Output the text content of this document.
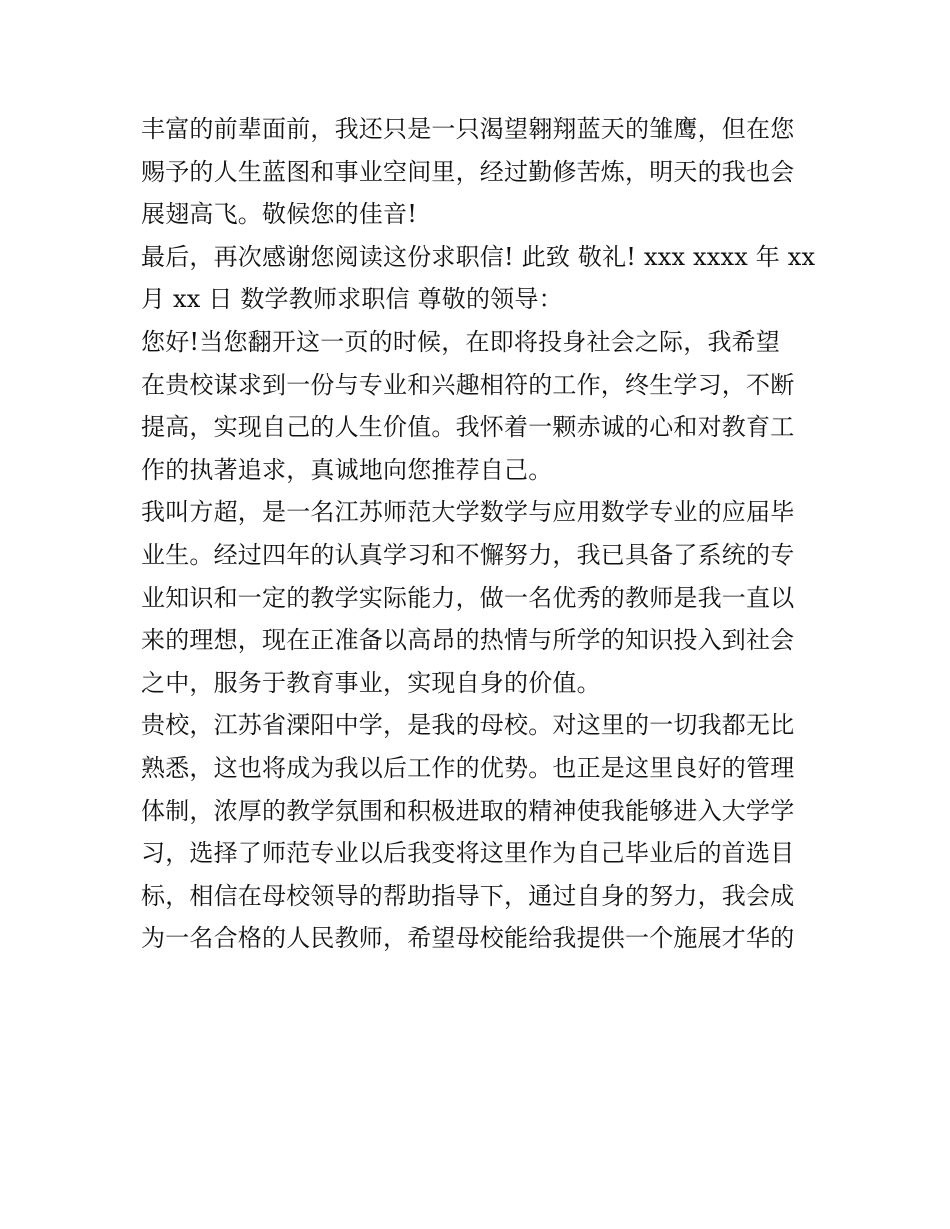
丰富的前辈面前，我还只是一只渴望翱翔蓝天的雏鹰，但在您
赐予的人生蓝图和事业空间里，经过勤修苦炼，明天的我也会
展翅高飞。敬候您的佳音!
最后，再次感谢您阅读这份求职信! 此致 敬礼! xxx xxxx 年 xx
月 xx 日 数学教师求职信 尊敬的领导：
您好!当您翻开这一页的时候，在即将投身社会之际，我希望
在贵校谋求到一份与专业和兴趣相符的工作，终生学习，不断
提高，实现自己的人生价值。我怀着一颗赤诚的心和对教育工
作的执著追求，真诚地向您推荐自己。
我叫方超，是一名江苏师范大学数学与应用数学专业的应届毕
业生。经过四年的认真学习和不懈努力，我已具备了系统的专
业知识和一定的教学实际能力，做一名优秀的教师是我一直以
来的理想，现在正准备以高昂的热情与所学的知识投入到社会
之中，服务于教育事业，实现自身的价值。
贵校，江苏省溧阳中学，是我的母校。对这里的一切我都无比
熟悉，这也将成为我以后工作的优势。也正是这里良好的管理
体制，浓厚的教学氛围和积极进取的精神使我能够进入大学学
习，选择了师范专业以后我变将这里作为自己毕业后的首选目
标，相信在母校领导的帮助指导下，通过自身的努力，我会成
为一名合格的人民教师，希望母校能给我提供一个施展才华的
